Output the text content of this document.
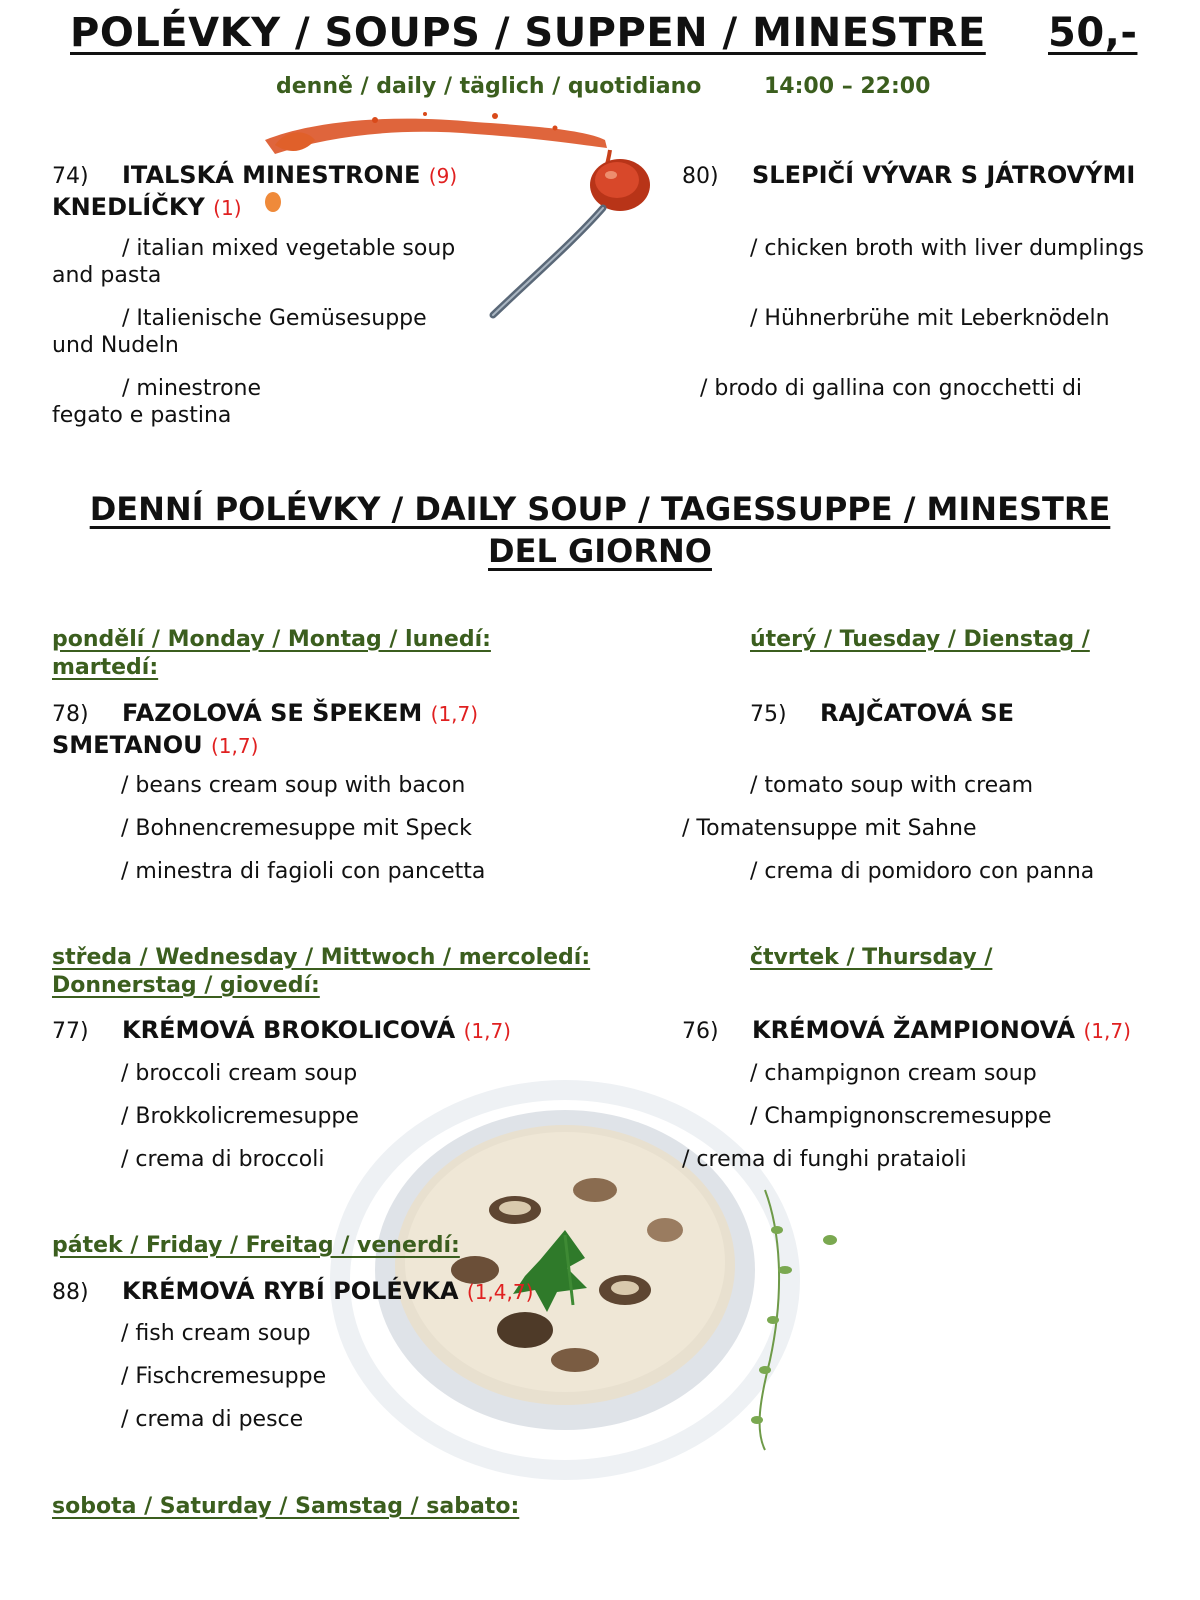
POLÉVKY / SOUPS / SUPPEN / MINESTRE 50,-
denně / daily / täglich / quotidiano	14:00 – 22:00
74) ITALSKÁ MINESTRONE (9)
KNEDLÍČKY (1)
/ italian mixed vegetable soup
and pasta
/ Italienische Gemüsesuppe
und Nudeln
/ minestrone
fegato e pastina
80) SLEPIČÍ VÝVAR S JÁTROVÝMI
/ chicken broth with liver dumplings
/ Hühnerbrühe mit Leberknödeln
/ brodo di gallina con gnocchetti di
DENNÍ POLÉVKY / DAILY SOUP / TAGESSUPPE / MINESTRE DEL GIORNO
pondělí / Monday / Montag / lunedí:
martedí:
78) FAZOLOVÁ SE ŠPEKEM (1,7)
SMETANOU (1,7)
/ beans cream soup with bacon
/ Bohnencremesuppe mit Speck
/ minestra di fagioli con pancetta
úterý / Tuesday / Dienstag /
75) RAJČATOVÁ SE
/ tomato soup with cream
/ Tomatensuppe mit Sahne
/ crema di pomidoro con panna
středa / Wednesday / Mittwoch / mercoledí:
Donnerstag / giovedí:
77) KRÉMOVÁ BROKOLICOVÁ (1,7)
/ broccoli cream soup
/ Brokkolicremesuppe
/ crema di broccoli
čtvrtek / Thursday /
76) KRÉMOVÁ ŽAMPIONOVÁ (1,7)
/ champignon cream soup
/ Champignonscremesuppe
/ crema di funghi prataioli
pátek / Friday / Freitag / venerdí:
88) KRÉMOVÁ RYBÍ POLÉVKA (1,4,7)
/ fish cream soup
/ Fischcremesuppe
/ crema di pesce
sobota / Saturday / Samstag / sabato:
